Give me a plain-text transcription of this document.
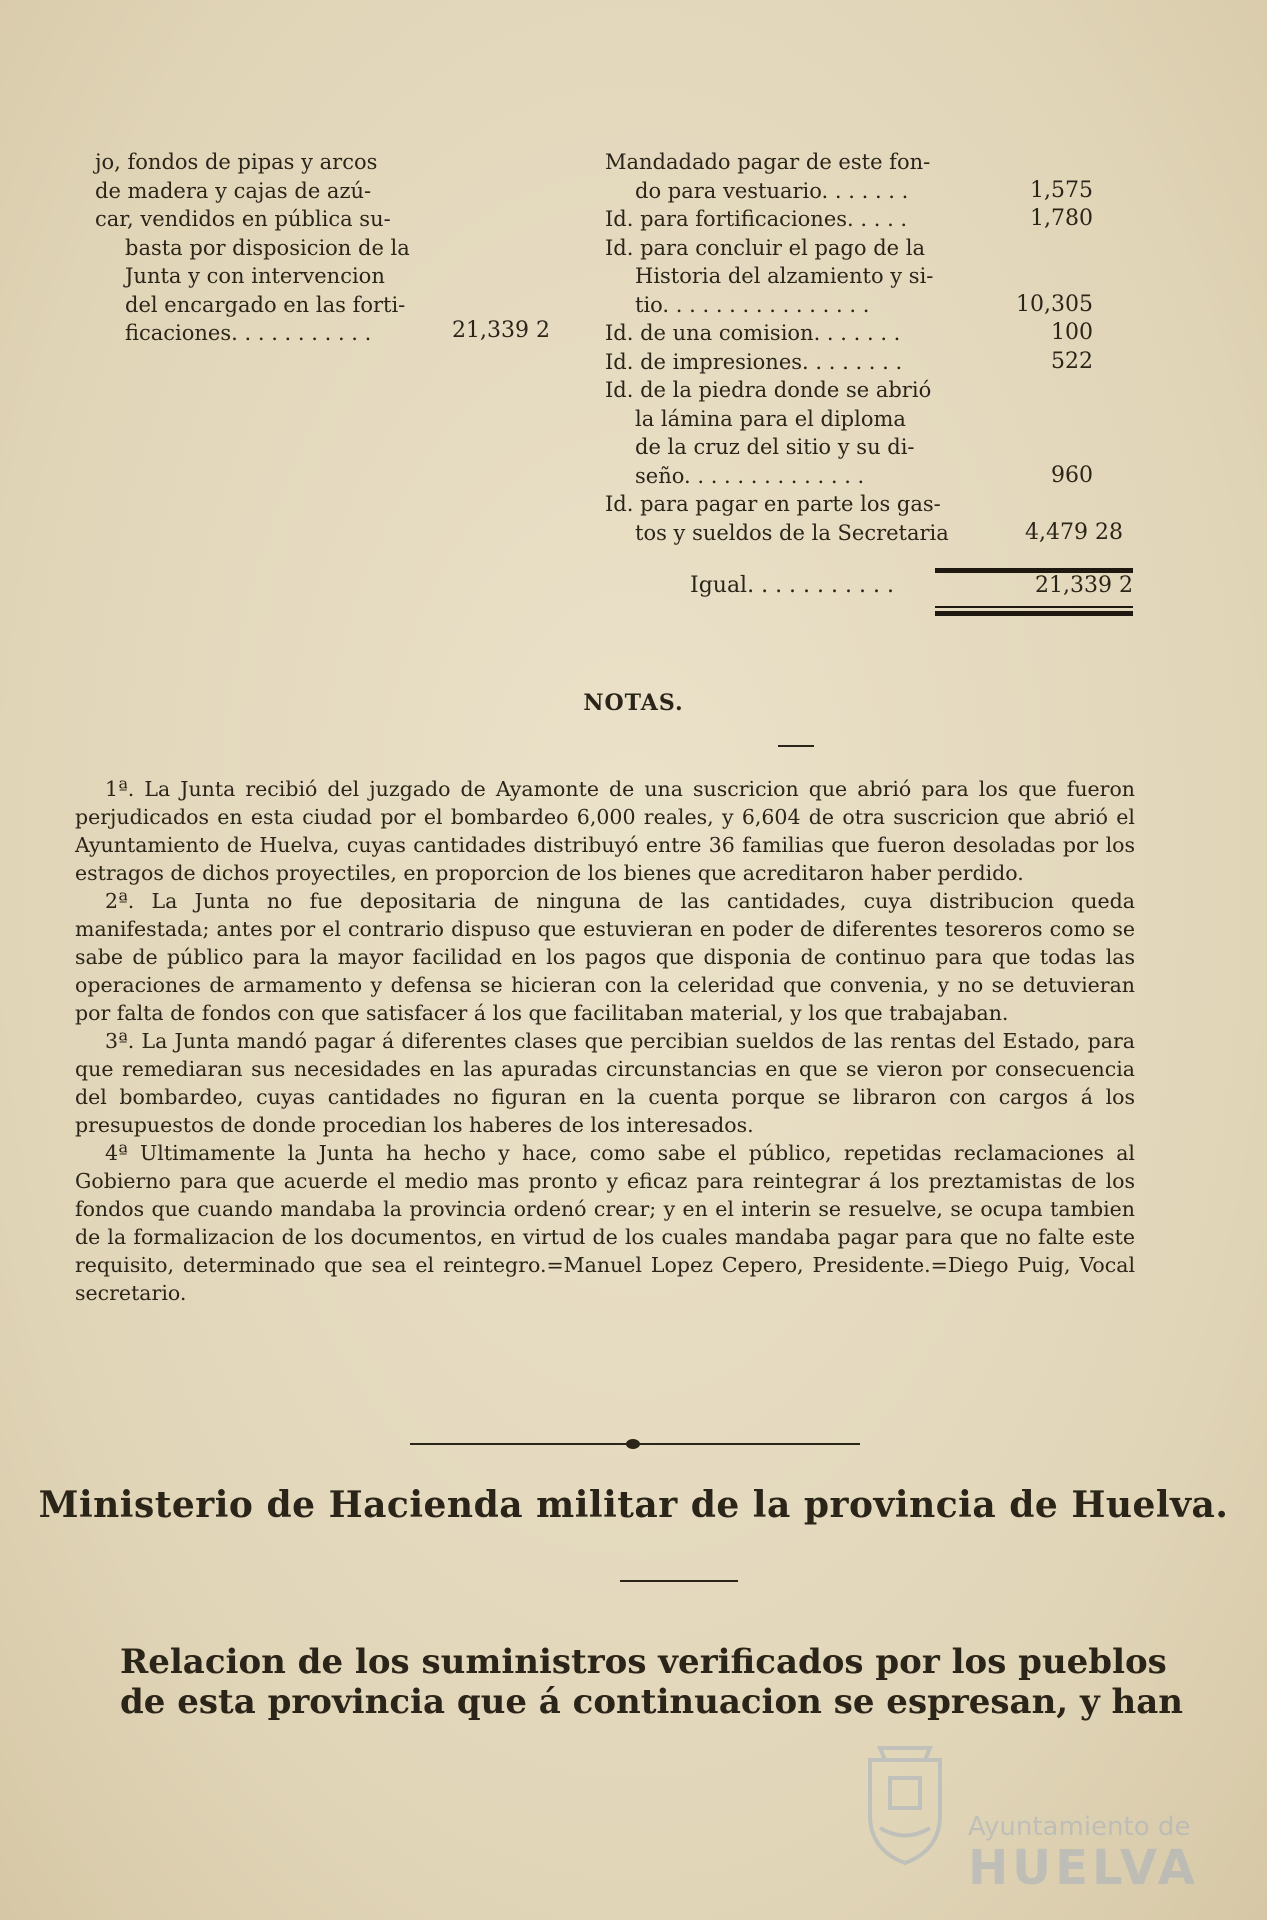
jo, fondos de pipas y arcos
de madera y cajas de azú-
car, vendidos en pública su-
basta por disposicion de la
Junta y con intervencion
del encargado en las forti-
ficaciones. . . . . . . . . . .	21,339 2
Mandadado pagar de este fon-
do para vestuario. . . . . . .	1,575
Id. para fortificaciones. . . . .	1,780
Id. para concluir el pago de la
Historia del alzamiento y si-
tio. . . . . . . . . . . . . . . .	10,305
Id. de una comision. . . . . . .	100
Id. de impresiones. . . . . . . .	522
Id. de la piedra donde se abrió
la lámina para el diploma
de la cruz del sitio y su di-
seño. . . . . . . . . . . . . .	960
Id. para pagar en parte los gas-
tos y sueldos de la Secretaria	4,479 28
Igual. . . . . . . . . . .	21,339 2
NOTAS.

1ª. La Junta recibió del juzgado de Ayamonte de una suscricion que abrió para los que fueron perjudicados en esta ciudad por el bombardeo 6,000 reales, y 6,604 de otra suscricion que abrió el Ayuntamiento de Huelva, cuyas cantidades distribuyó entre 36 familias que fueron desoladas por los estragos de dichos proyectiles, en proporcion de los bienes que acreditaron haber perdido.

2ª. La Junta no fue depositaria de ninguna de las cantidades, cuya distribucion queda manifestada; antes por el contrario dispuso que estuvieran en poder de diferentes tesoreros como se sabe de público para la mayor facilidad en los pagos que disponia de continuo para que todas las operaciones de armamento y defensa se hicieran con la celeridad que convenia, y no se detuvieran por falta de fondos con que satisfacer á los que facilitaban material, y los que trabajaban.

3ª. La Junta mandó pagar á diferentes clases que percibian sueldos de las rentas del Estado, para que remediaran sus necesidades en las apuradas circunstancias en que se vieron por consecuencia del bombardeo, cuyas cantidades no figuran en la cuenta porque se libraron con cargos á los presupuestos de donde procedian los haberes de los interesados.

4ª Ultimamente la Junta ha hecho y hace, como sabe el público, repetidas reclamaciones al Gobierno para que acuerde el medio mas pronto y eficaz para reintegrar á los preztamistas de los fondos que cuando mandaba la provincia ordenó crear; y en el interin se resuelve, se ocupa tambien de la formalizacion de los documentos, en virtud de los cuales mandaba pagar para que no falte este requisito, determinado que sea el reintegro.=Manuel Lopez Cepero, Presidente.=Diego Puig, Vocal secretario.

Ministerio de Hacienda militar de la provincia de Huelva.
Relacion de los suministros verificados por los pueblos
de esta provincia que á continuacion se espresan, y han
Ayuntamiento de
HUELVA
